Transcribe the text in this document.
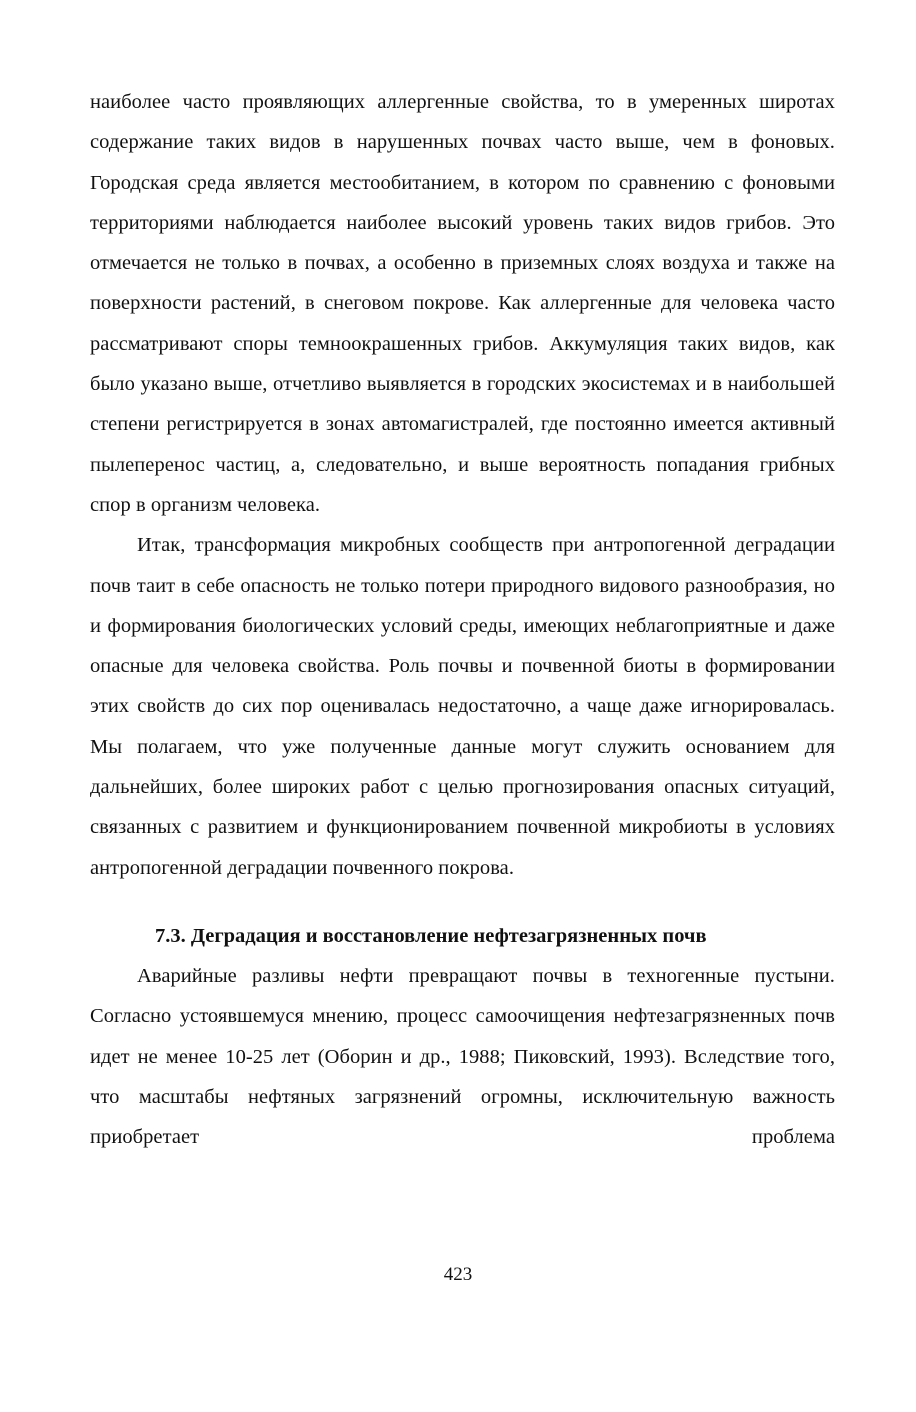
наиболее часто проявляющих аллергенные свойства, то в умеренных широтах содержание таких видов в нарушенных почвах часто выше, чем в фоновых. Городская среда является местообитанием, в котором по сравнению с фоновыми территориями наблюдается наиболее высокий уровень таких видов грибов. Это отмечается не только в почвах, а особенно в приземных слоях воздуха и также на поверхности растений, в снеговом покрове. Как аллергенные для человека часто рассматривают споры темноокрашенных грибов. Аккумуляция таких видов, как было указано выше, отчетливо выявляется в городских экосистемах и в наибольшей степени регистрируется в зонах автомагистралей, где постоянно имеется активный пылеперенос частиц, а, следовательно, и выше вероятность попадания грибных спор в организм человека.

Итак, трансформация микробных сообществ при антропогенной деградации почв таит в себе опасность не только потери природного видового разнообразия, но и формирования биологических условий среды, имеющих неблагоприятные и даже опасные для человека свойства. Роль почвы и почвенной биоты в формировании этих свойств до сих пор оценивалась недостаточно, а чаще даже игнорировалась. Мы полагаем, что уже полученные данные могут служить основанием для дальнейших, более широких работ с целью прогнозирования опасных ситуаций, связанных с развитием и функционированием почвенной микробиоты в условиях антропогенной деградации почвенного покрова.

7.3. Деградация и восстановление нефтезагрязненных почв

Аварийные разливы нефти превращают почвы в техногенные пустыни. Согласно устоявшемуся мнению, процесс самоочищения нефтезагрязненных почв идет не менее 10-25 лет (Оборин и др., 1988; Пиковский, 1993). Вследствие того, что масштабы нефтяных загрязнений огромны, исключительную важность приобретает проблема

423
